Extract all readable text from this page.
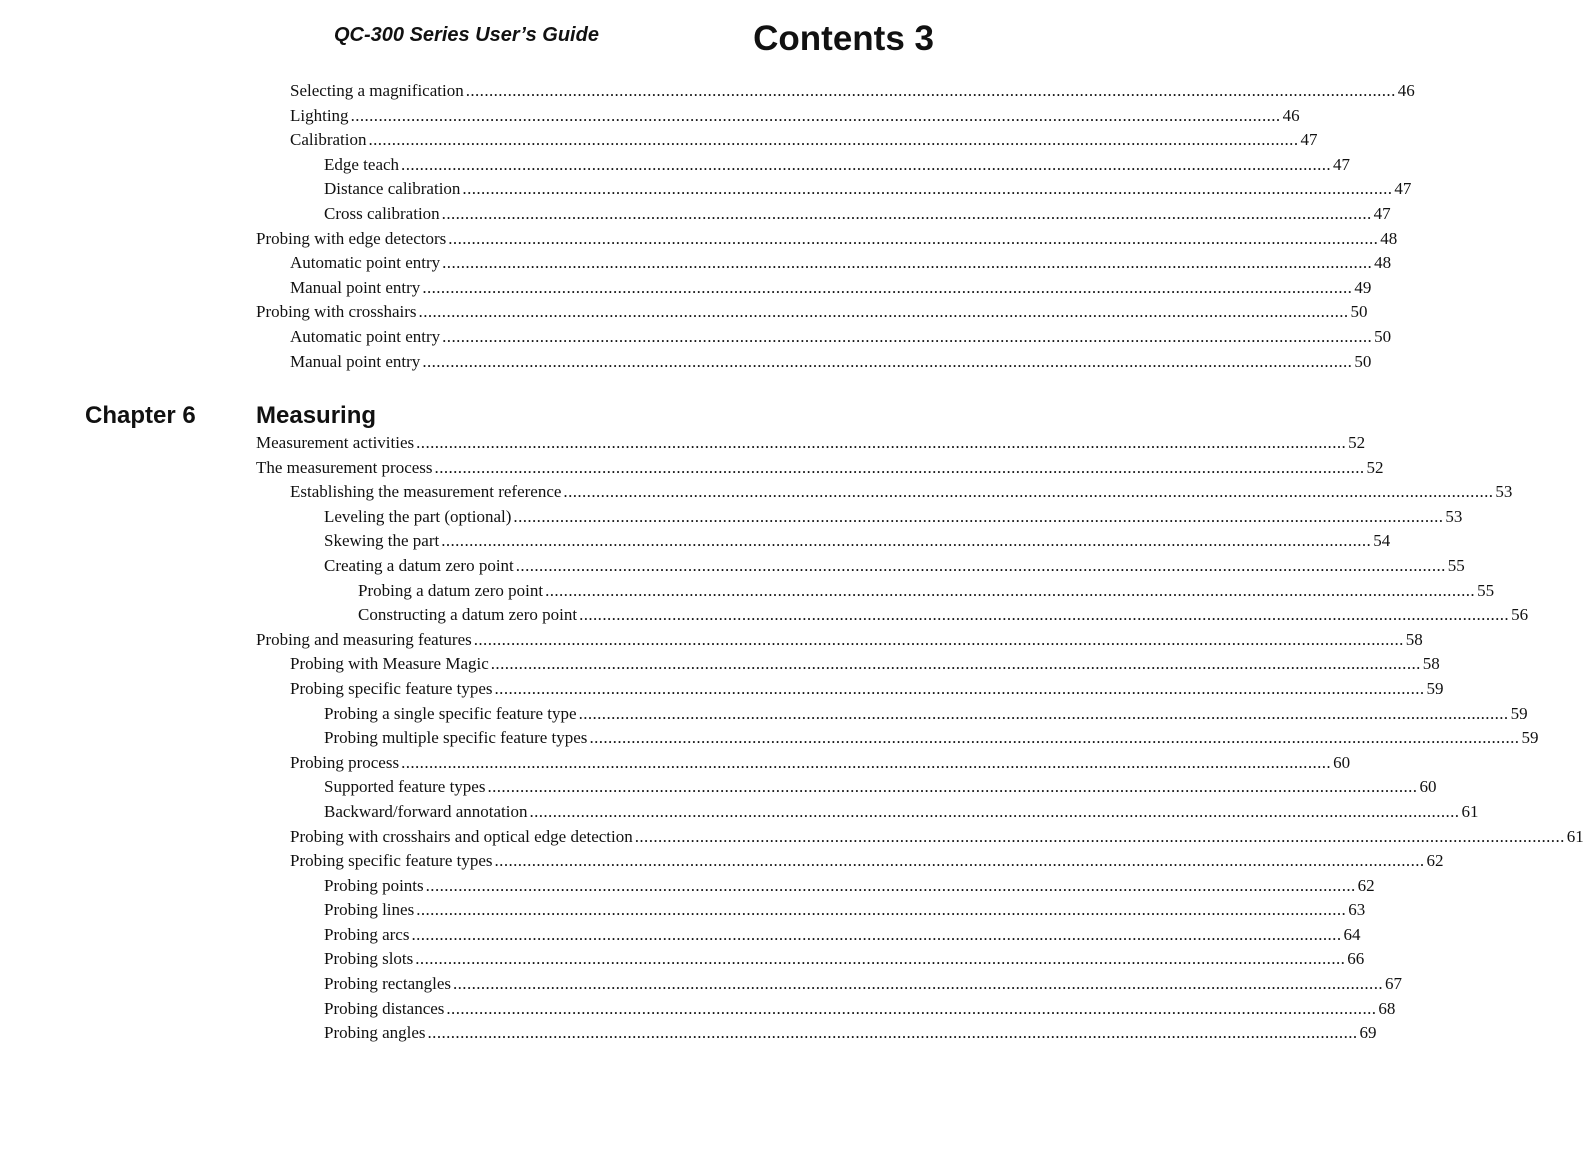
QC-300 Series User’s Guide	Contents 3
Selecting a magnification ........................................................................................................................................................................................................ 46
Lighting ........................................................................................................................................................................................................ 46
Calibration ........................................................................................................................................................................................................ 47
Edge teach ........................................................................................................................................................................................................ 47
Distance calibration ........................................................................................................................................................................................................ 47
Cross calibration ........................................................................................................................................................................................................ 47
Probing with edge detectors ........................................................................................................................................................................................................ 48
Automatic point entry ........................................................................................................................................................................................................ 48
Manual point entry ........................................................................................................................................................................................................ 49
Probing with crosshairs ........................................................................................................................................................................................................ 50
Automatic point entry ........................................................................................................................................................................................................ 50
Manual point entry ........................................................................................................................................................................................................ 50
Chapter 6	Measuring
Measurement activities ........................................................................................................................................................................................................ 52
The measurement process ........................................................................................................................................................................................................ 52
Establishing the measurement reference ........................................................................................................................................................................................................ 53
Leveling the part (optional) ........................................................................................................................................................................................................ 53
Skewing the part ........................................................................................................................................................................................................ 54
Creating a datum zero point ........................................................................................................................................................................................................ 55
Probing a datum zero point ........................................................................................................................................................................................................ 55
Constructing a datum zero point ........................................................................................................................................................................................................ 56
Probing and measuring features ........................................................................................................................................................................................................ 58
Probing with Measure Magic ........................................................................................................................................................................................................ 58
Probing specific feature types ........................................................................................................................................................................................................ 59
Probing a single specific feature type ........................................................................................................................................................................................................ 59
Probing multiple specific feature types ........................................................................................................................................................................................................ 59
Probing process ........................................................................................................................................................................................................ 60
Supported feature types ........................................................................................................................................................................................................ 60
Backward/forward annotation ........................................................................................................................................................................................................ 61
Probing with crosshairs and optical edge detection ........................................................................................................................................................................................................ 61
Probing specific feature types ........................................................................................................................................................................................................ 62
Probing points ........................................................................................................................................................................................................ 62
Probing lines ........................................................................................................................................................................................................ 63
Probing arcs ........................................................................................................................................................................................................ 64
Probing slots ........................................................................................................................................................................................................ 66
Probing rectangles ........................................................................................................................................................................................................ 67
Probing distances ........................................................................................................................................................................................................ 68
Probing angles ........................................................................................................................................................................................................ 69
